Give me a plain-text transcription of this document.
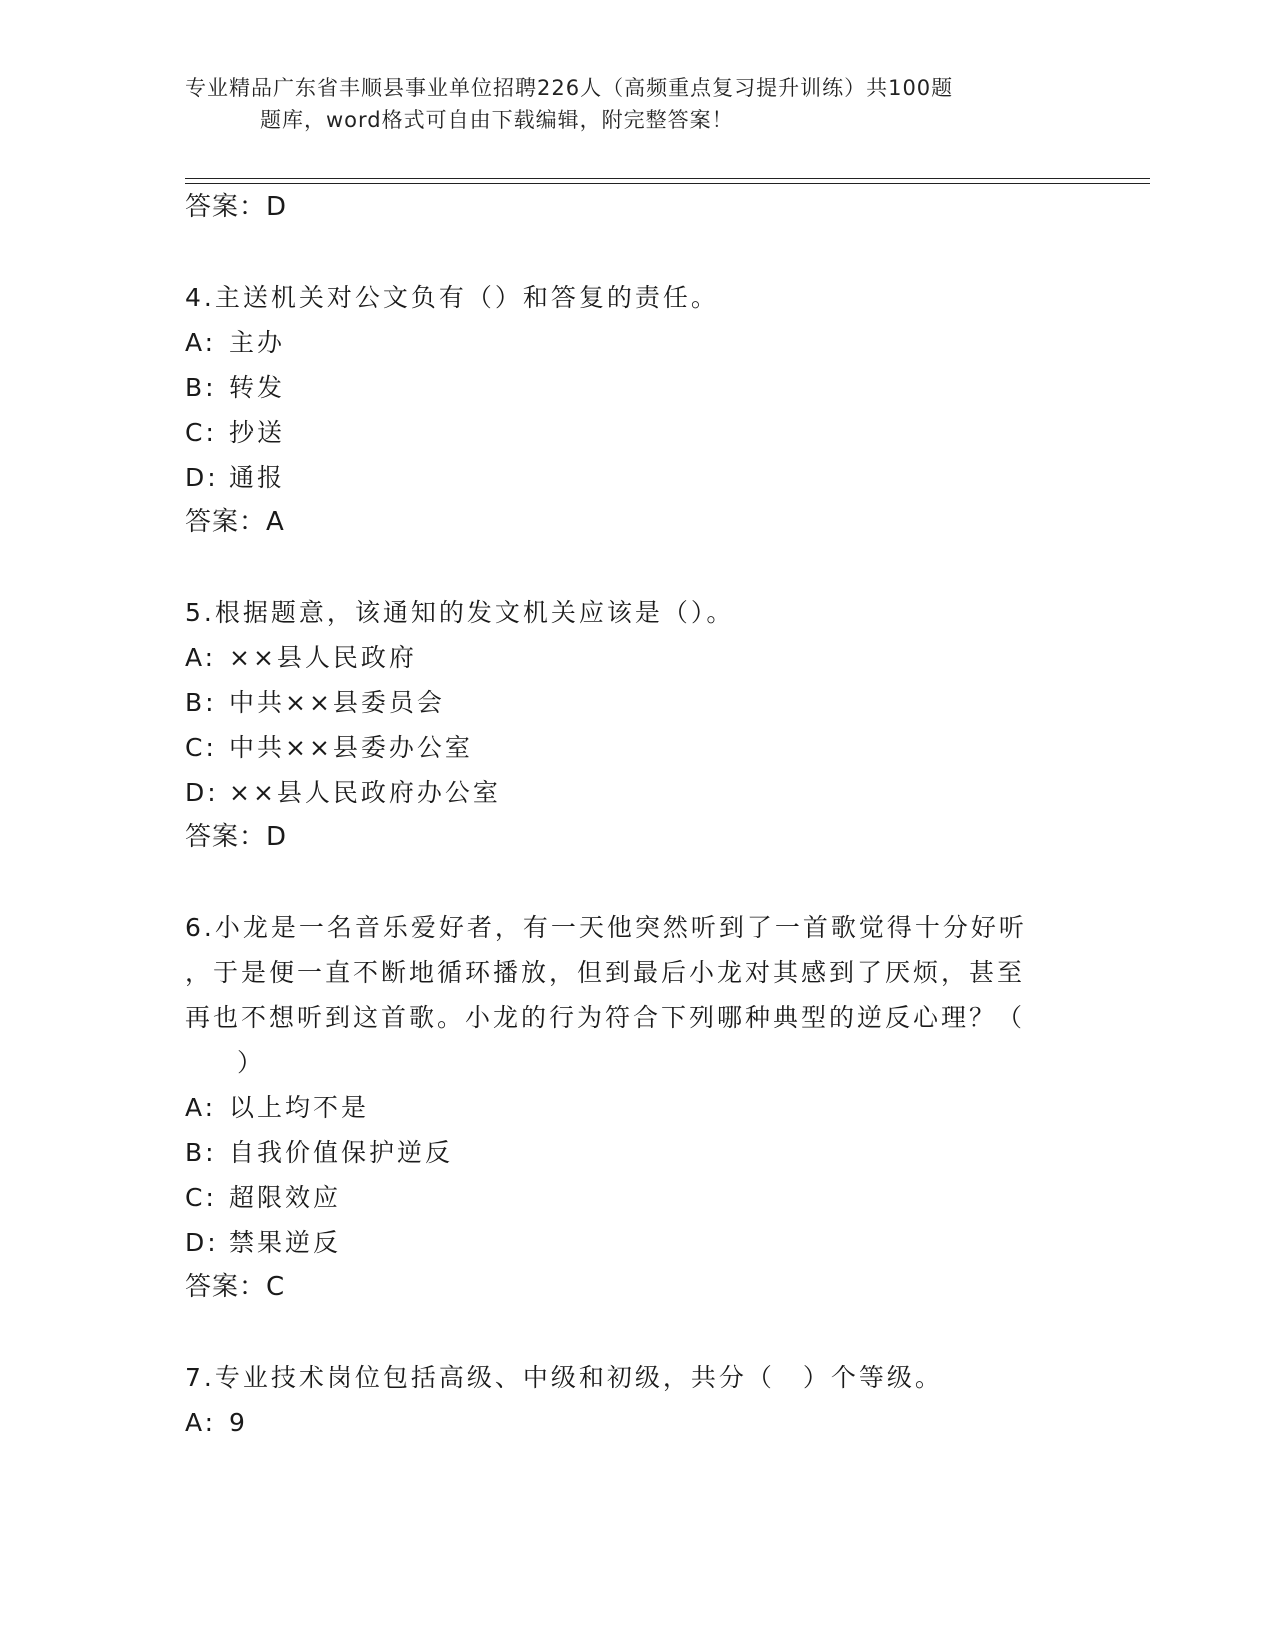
专业精品广东省丰顺县事业单位招聘226人（高频重点复习提升训练）共100题
题库，word格式可自由下载编辑，附完整答案！
答案：D
4.主送机关对公文负有（）和答复的责任。
A: 主办
B: 转发
C: 抄送
D: 通报
答案：A
5.根据题意，该通知的发文机关应该是（）。
A: ××县人民政府
B: 中共××县委员会
C: 中共××县委办公室
D: ××县人民政府办公室
答案：D
6.小龙是一名音乐爱好者，有一天他突然听到了一首歌觉得十分好听
，于是便一直不断地循环播放，但到最后小龙对其感到了厌烦，甚至
再也不想听到这首歌。小龙的行为符合下列哪种典型的逆反心理？（
）
A: 以上均不是
B: 自我价值保护逆反
C: 超限效应
D: 禁果逆反
答案：C
7.专业技术岗位包括高级、中级和初级，共分（　）个等级。
A: 9
